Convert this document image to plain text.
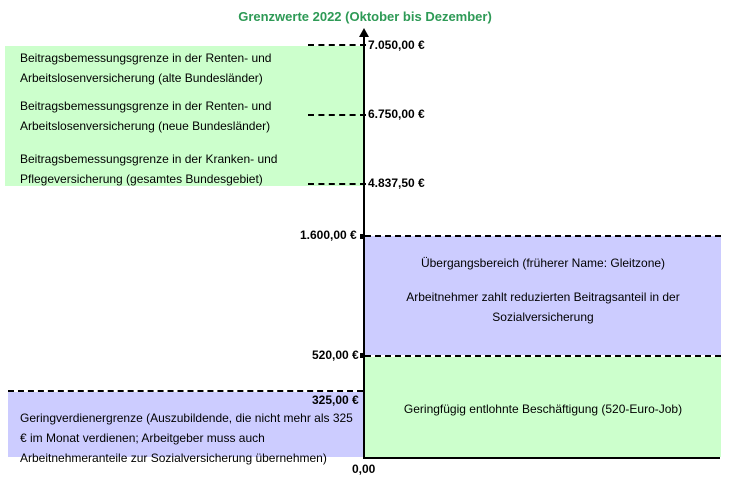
Grenzwerte 2022 (Oktober bis Dezember)
Beitragsbemessungsgrenze in der Renten- und Arbeitslosenversicherung (alte Bundesländer)
Beitragsbemessungsgrenze in der Renten- und Arbeitslosenversicherung (neue Bundesländer)
Beitragsbemessungsgrenze in der Kranken- und Pflegeversicherung (gesamtes Bundesgebiet)
7.050,00 €
6.750,00 €
4.837,50 €
1.600,00 €
Übergangsbereich (früherer Name: Gleitzone)
Arbeitnehmer zahlt reduzierten Beitragsanteil in der Sozialversicherung
520,00 €
Geringfügig entlohnte Beschäftigung (520-Euro-Job)
325,00 €
Geringverdienergrenze (Auszubildende, die nicht mehr als 325 € im Monat verdienen; Arbeitgeber muss auch Arbeitnehmeranteile zur Sozialversicherung übernehmen)
0,00
